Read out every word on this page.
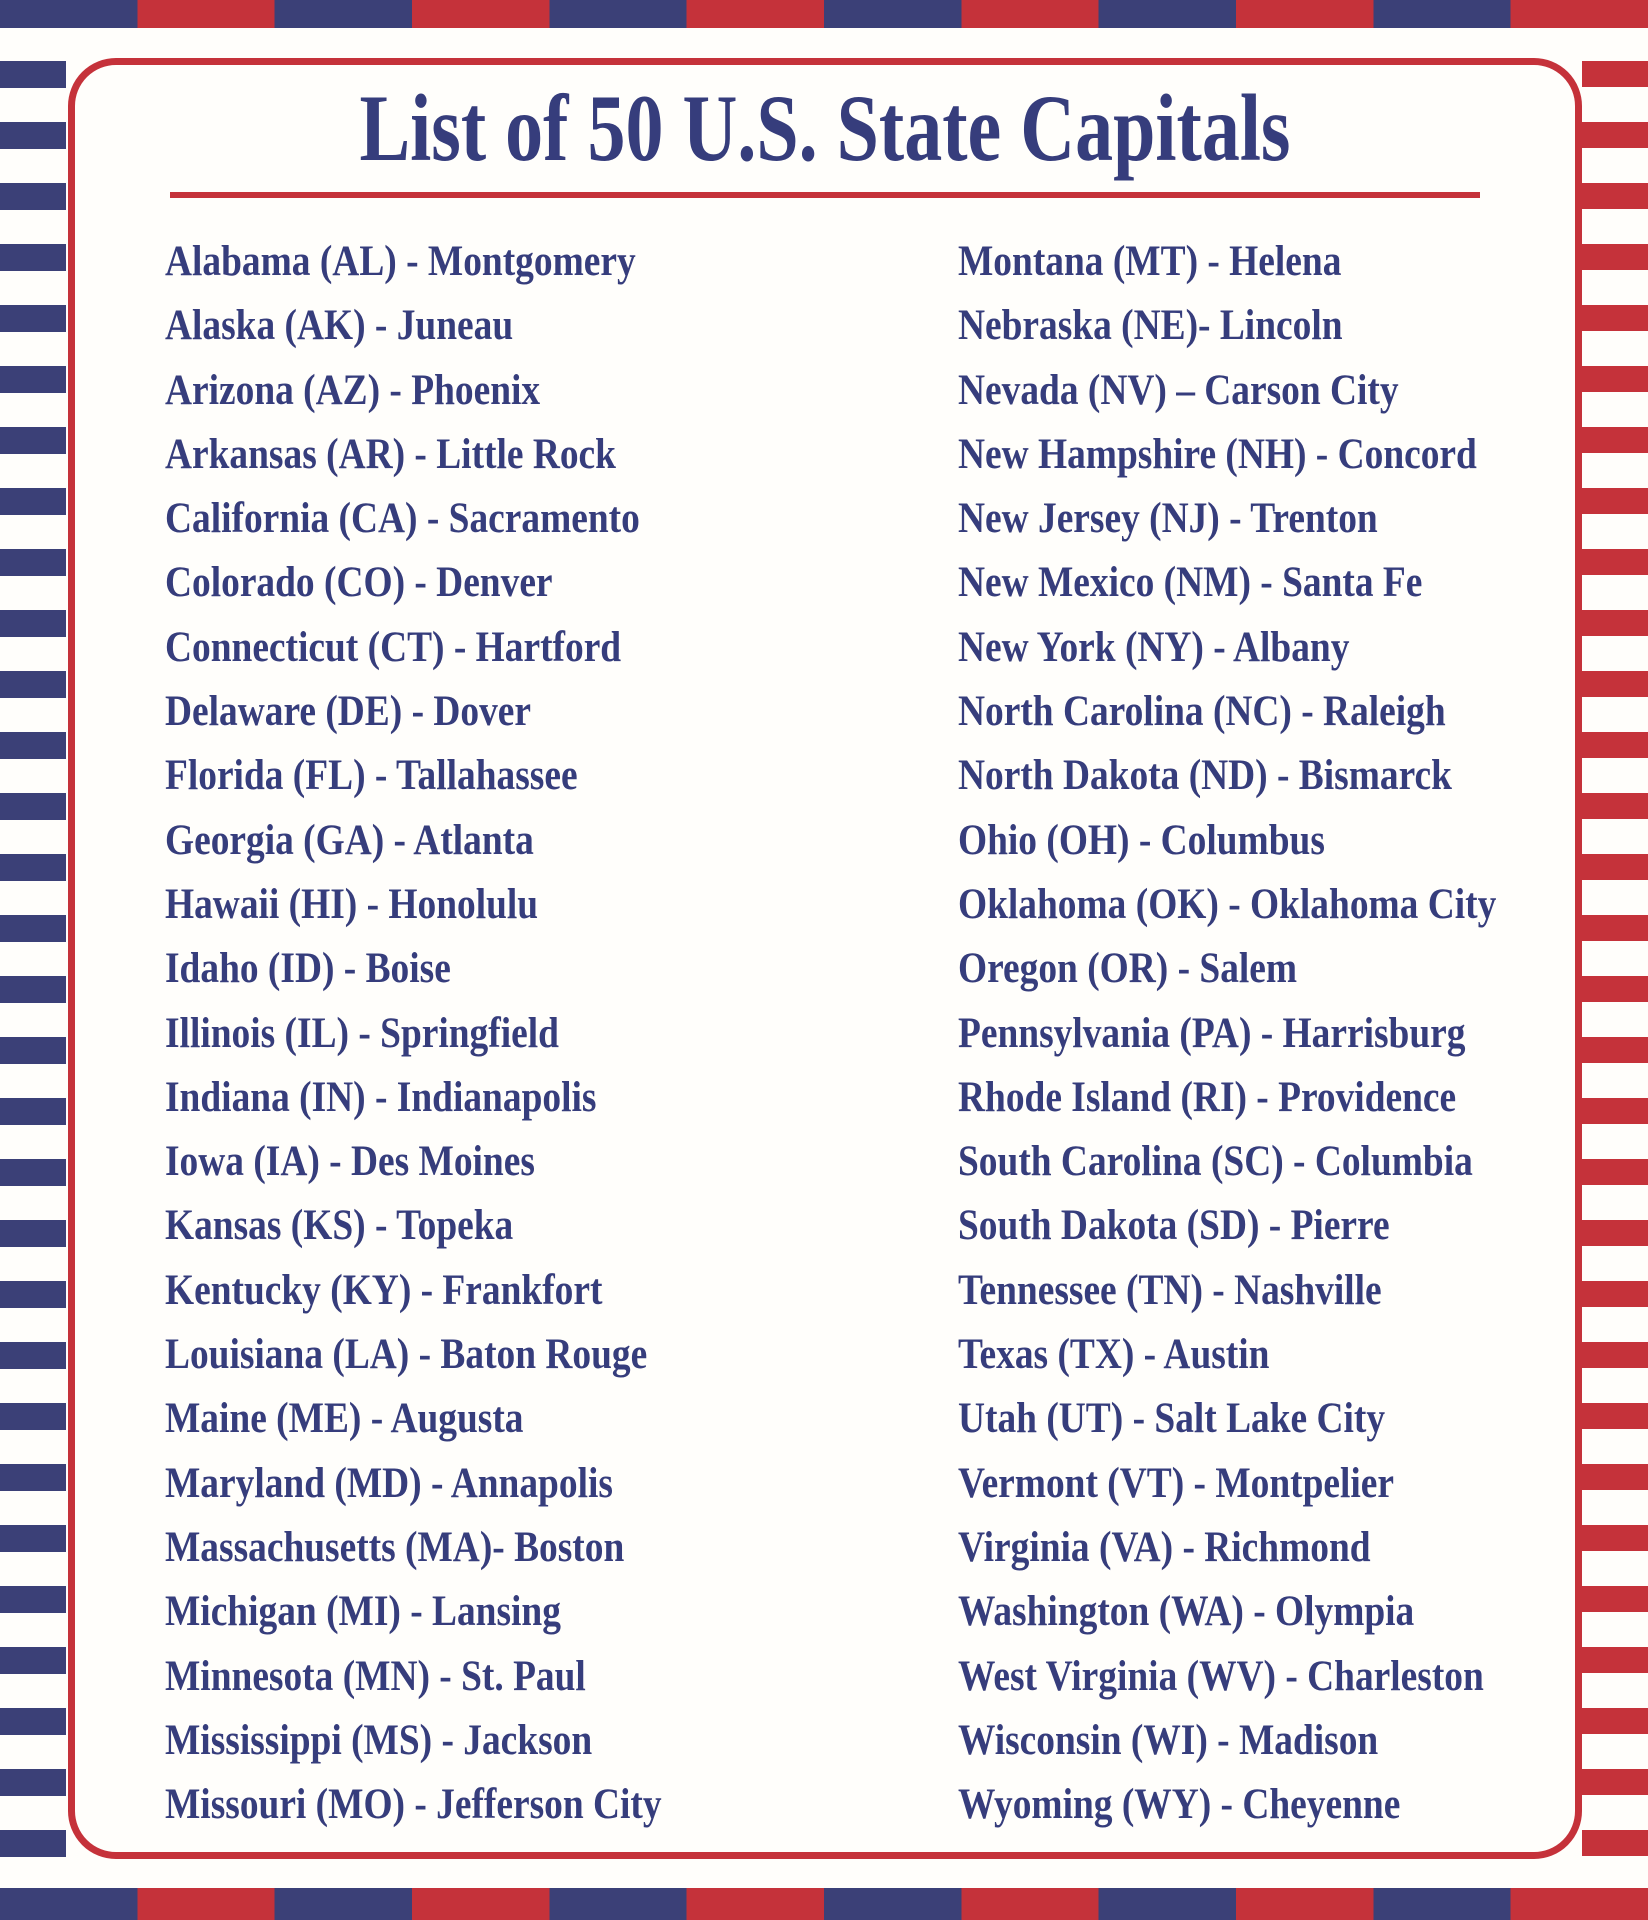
List of 50 U.S. State Capitals
Alabama (AL) - Montgomery
Alaska (AK) - Juneau
Arizona (AZ) - Phoenix
Arkansas (AR) - Little Rock
California (CA) - Sacramento
Colorado (CO) - Denver
Connecticut (CT) - Hartford
Delaware (DE) - Dover
Florida (FL) - Tallahassee
Georgia (GA) - Atlanta
Hawaii (HI) - Honolulu
Idaho (ID) - Boise
Illinois (IL) - Springfield
Indiana (IN) - Indianapolis
Iowa (IA) - Des Moines
Kansas (KS) - Topeka
Kentucky (KY) - Frankfort
Louisiana (LA) - Baton Rouge
Maine (ME) - Augusta
Maryland (MD) - Annapolis
Massachusetts (MA)- Boston
Michigan (MI) - Lansing
Minnesota (MN) - St. Paul
Mississippi (MS) - Jackson
Missouri (MO) - Jefferson City
Montana (MT) - Helena
Nebraska (NE)- Lincoln
Nevada (NV) – Carson City
New Hampshire (NH) - Concord
New Jersey (NJ) - Trenton
New Mexico (NM) - Santa Fe
New York (NY) - Albany
North Carolina (NC) - Raleigh
North Dakota (ND) - Bismarck
Ohio (OH) - Columbus
Oklahoma (OK) - Oklahoma City
Oregon (OR) - Salem
Pennsylvania (PA) - Harrisburg
Rhode Island (RI) - Providence
South Carolina (SC) - Columbia
South Dakota (SD) - Pierre
Tennessee (TN) - Nashville
Texas (TX) - Austin
Utah (UT) - Salt Lake City
Vermont (VT) - Montpelier
Virginia (VA) - Richmond
Washington (WA) - Olympia
West Virginia (WV) - Charleston
Wisconsin (WI) - Madison
Wyoming (WY) - Cheyenne
